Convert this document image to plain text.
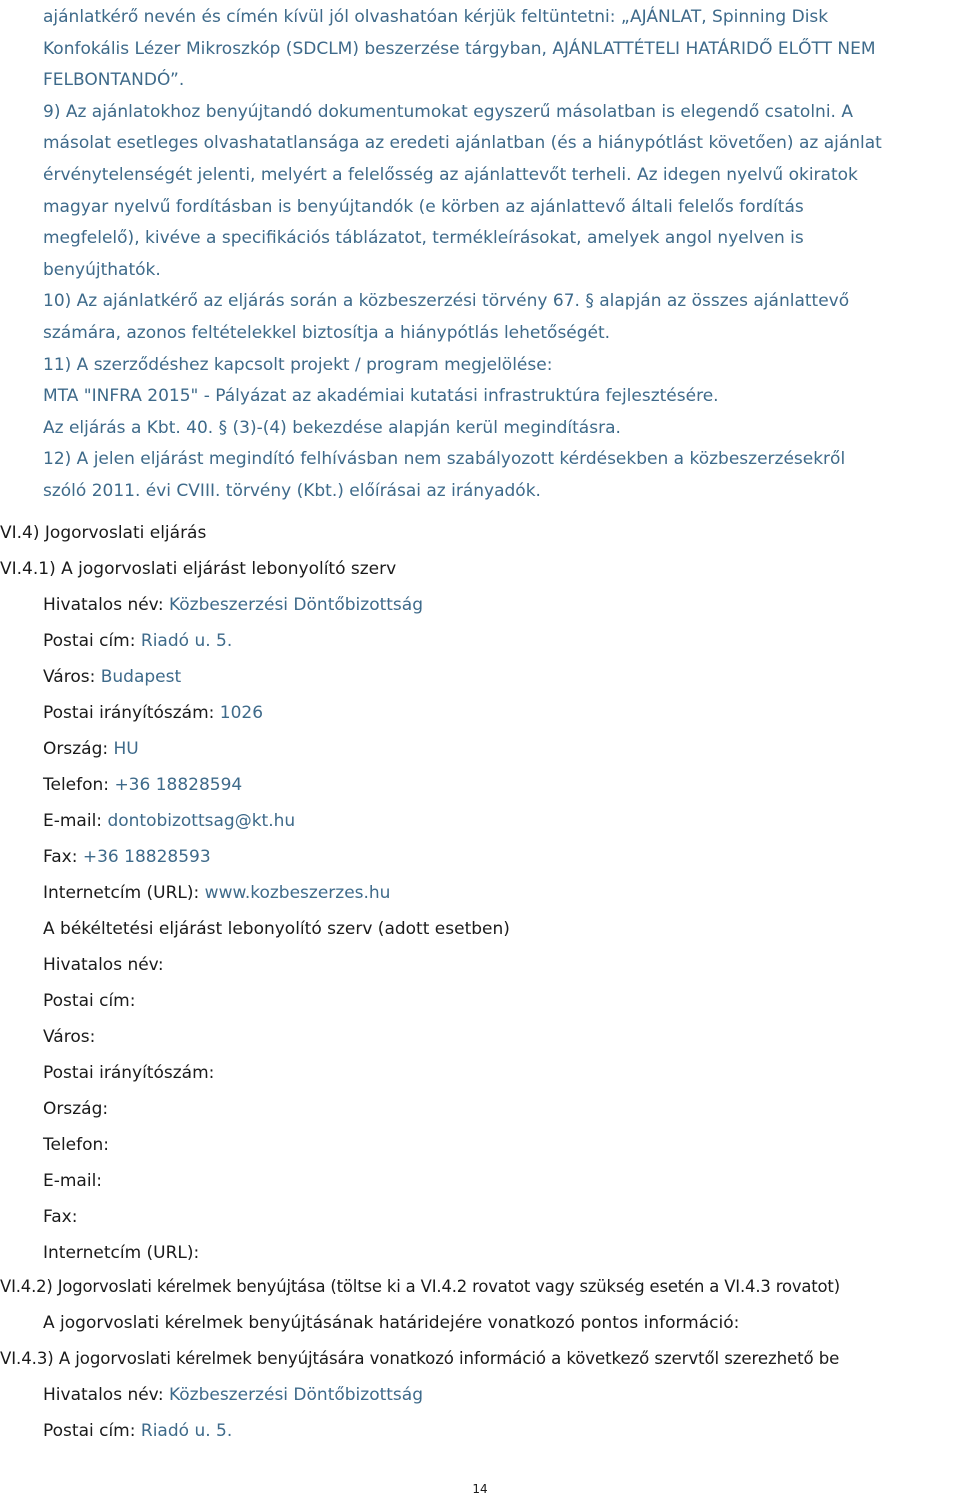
ajánlatkérő nevén és címén kívül jól olvashatóan kérjük feltüntetni: „AJÁNLAT, Spinning Disk

Konfokális Lézer Mikroszkóp (SDCLM) beszerzése tárgyban, AJÁNLATTÉTELI HATÁRIDŐ ELŐTT NEM

FELBONTANDÓ”.

9) Az ajánlatokhoz benyújtandó dokumentumokat egyszerű másolatban is elegendő csatolni. A

másolat esetleges olvashatatlansága az eredeti ajánlatban (és a hiánypótlást követően) az ajánlat

érvénytelenségét jelenti, melyért a felelősség az ajánlattevőt terheli. Az idegen nyelvű okiratok

magyar nyelvű fordításban is benyújtandók (e körben az ajánlattevő általi felelős fordítás

megfelelő), kivéve a specifikációs táblázatot, termékleírásokat, amelyek angol nyelven is

benyújthatók.

10) Az ajánlatkérő az eljárás során a közbeszerzési törvény 67. § alapján az összes ajánlattevő

számára, azonos feltételekkel biztosítja a hiánypótlás lehetőségét.

11) A szerződéshez kapcsolt projekt / program megjelölése:

MTA "INFRA 2015" - Pályázat az akadémiai kutatási infrastruktúra fejlesztésére.

Az eljárás a Kbt. 40. § (3)-(4) bekezdése alapján kerül megindításra.

12) A jelen eljárást megindító felhívásban nem szabályozott kérdésekben a közbeszerzésekről

szóló 2011. évi CVIII. törvény (Kbt.) előírásai az irányadók.

VI.4) Jogorvoslati eljárás
VI.4.1) A jogorvoslati eljárást lebonyolító szerv
Hivatalos név: Közbeszerzési Döntőbizottság
Postai cím: Riadó u. 5.
Város: Budapest
Postai irányítószám: 1026
Ország: HU
Telefon: +36 18828594
E-mail: dontobizottsag@kt.hu
Fax: +36 18828593
Internetcím (URL): www.kozbeszerzes.hu
A békéltetési eljárást lebonyolító szerv (adott esetben)
Hivatalos név:
Postai cím:
Város:
Postai irányítószám:
Ország:
Telefon:
E-mail:
Fax:
Internetcím (URL):
VI.4.2) Jogorvoslati kérelmek benyújtása (töltse ki a VI.4.2 rovatot vagy szükség esetén a VI.4.3 rovatot)
A jogorvoslati kérelmek benyújtásának határidejére vonatkozó pontos információ:
VI.4.3) A jogorvoslati kérelmek benyújtására vonatkozó információ a következő szervtől szerezhető be
Hivatalos név: Közbeszerzési Döntőbizottság
Postai cím: Riadó u. 5.
14
